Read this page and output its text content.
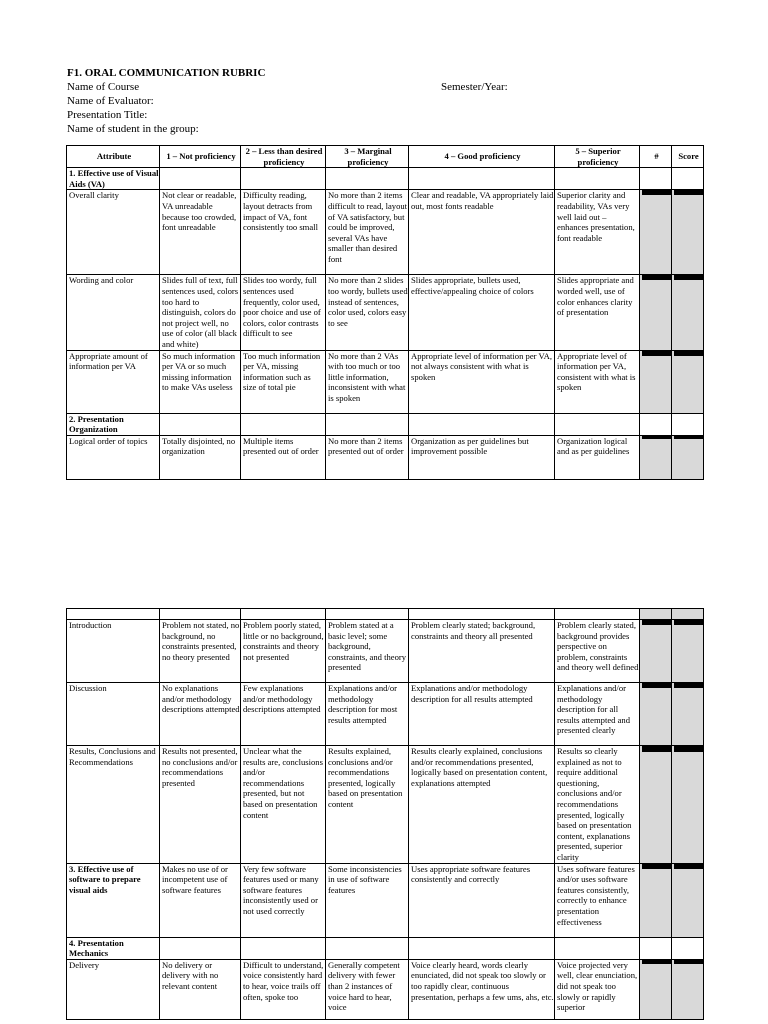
F1. ORAL COMMUNICATION RUBRIC
Name of Course	Semester/Year:
Name of Evaluator:
Presentation Title:
Name of student in the group:
Attribute	1 – Not proficiency	2 – Less than desired proficiency	3 – Marginal proficiency	4 – Good proficiency	5 – Superior proficiency	#	Score
1. Effective use of Visual Aids (VA)							
Overall clarity	Not clear or readable, VA unreadable because too crowded, font unreadable	Difficulty reading, layout detracts from impact of VA, font consistently too small	No more than 2 items difficult to read, layout of VA satisfactory, but could be improved, several VAs have smaller than desired font	Clear and readable, VA appropriately laid out, most fonts readable	Superior clarity and readability, VAs very well laid out – enhances presentation, font readable	

Wording and color	Slides full of text, full sentences used, colors too hard to distinguish, colors do not project well, no use of color (all black and white)	Slides too wordy, full sentences used frequently, color used, poor choice and use of colors, color contrasts difficult to see	No more than 2 slides too wordy, bullets used instead of sentences, color used, colors easy to see	Slides appropriate, bullets used, effective/appealing choice of colors	Slides appropriate and worded well, use of color enhances clarity of presentation	

Appropriate amount of information per VA	So much information per VA or so much missing information to make VAs useless	Too much information per VA, missing information such as size of total pie	No more than 2 VAs with too much or too little information, inconsistent with what is spoken	Appropriate level of information per VA, not always consistent with what is spoken	Appropriate level of information per VA, consistent with what is spoken	

2. Presentation Organization							
Logical order of topics	Totally disjointed, no organization	Multiple items presented out of order	No more than 2 items presented out of order	Organization as per guidelines but improvement possible	Organization logical and as per guidelines	

Introduction	Problem not stated, no background, no constraints presented, no theory presented	Problem poorly stated, little or no background, constraints and theory not presented	Problem stated at a basic level; some background, constraints, and theory presented	Problem clearly stated; background, constraints and theory all presented	Problem clearly stated, background provides perspective on problem, constraints and theory well defined	

Discussion	No explanations and/or methodology descriptions attempted	Few explanations and/or methodology descriptions attempted	Explanations and/or methodology description for most results attempted	Explanations and/or methodology description for all results attempted	Explanations and/or methodology description for all results attempted and presented clearly	

Results, Conclusions and Recommendations	Results not presented, no conclusions and/or recommendations presented	Unclear what the results are, conclusions and/or recommendations presented, but not based on presentation content	Results explained, conclusions and/or recommendations presented, logically based on presentation content	Results clearly explained, conclusions and/or recommendations presented, logically based on presentation content, explanations attempted	Results so clearly explained as not to require additional questioning, conclusions and/or recommendations presented, logically based on presentation content, explanations presented, superior clarity	

3. Effective use of software to prepare visual aids	Makes no use of or incompetent use of software features	Very few software features used or many software features inconsistently used or not used correctly	Some inconsistencies in use of software features	Uses appropriate software features consistently and correctly	Uses software features and/or uses software features consistently, correctly to enhance presentation effectiveness	

4. Presentation Mechanics							
Delivery	No delivery or delivery with no relevant content	Difficult to understand, voice consistently hard to hear, voice trails off often, spoke too	Generally competent delivery with fewer than 2 instances of voice hard to hear, voice	Voice clearly heard, words clearly enunciated, did not speak too slowly or too rapidly clear, continuous presentation, perhaps a few ums, ahs, etc.	Voice projected very well, clear enunciation, did not speak too slowly or rapidly superior	
